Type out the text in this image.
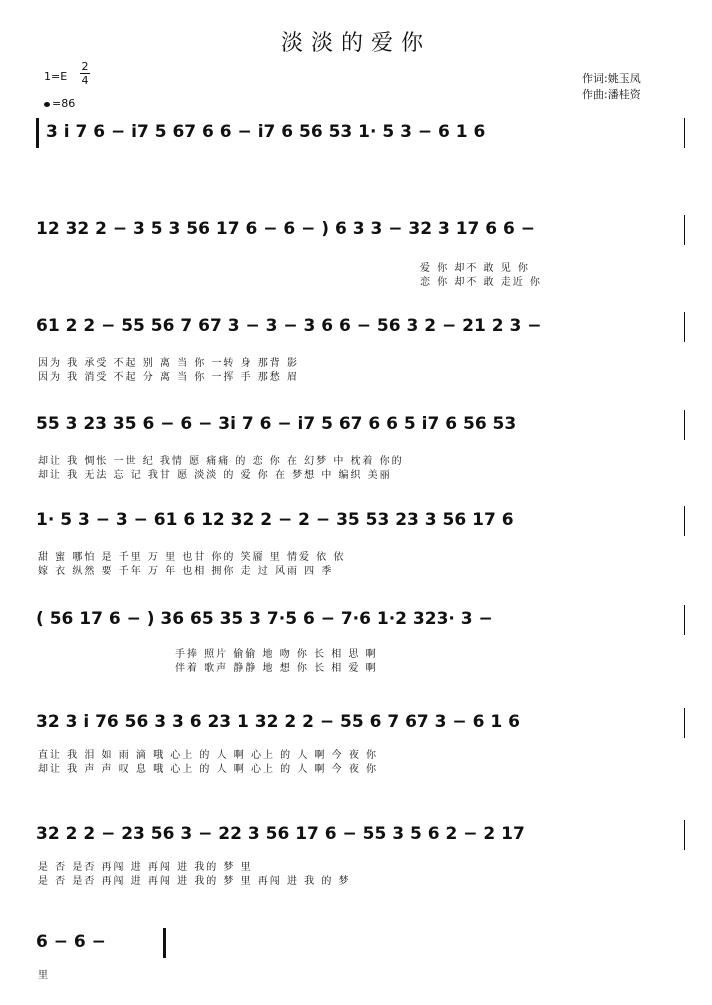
淡淡的爱你
1=E
2
4
=86
作词:姚玉凤
作曲:潘桂资
3 i 7 6 − i7 5 67 6 6 − i7 6 56 53 1· 5 3 − 6 1 6
12 32 2 − 3 5 3 56 17 6 − 6 − ) 6 3 3 − 32 3 17 6 6 −
爱 你 却不 敢 见 你
恋 你 却不 敢 走近 你
61 2 2 − 55 56 7 67 3 − 3 − 3 6 6 − 56 3 2 − 21 2 3 −
因为 我 承受 不起 别 离 当 你 一转 身 那背 影
因为 我 消受 不起 分 离 当 你 一挥 手 那愁 眉
55 3 23 35 6 − 6 − 3i 7 6 − i7 5 67 6 6 5 i7 6 56 53
却让 我 惆怅 一世 纪 我情 愿 痛痛 的 恋 你 在 幻梦 中 枕着 你的
却让 我 无法 忘 记 我甘 愿 淡淡 的 爱 你 在 梦想 中 编织 美丽
1· 5 3 − 3 − 61 6 12 32 2 − 2 − 35 53 23 3 56 17 6
甜 蜜 哪怕 是 千里 万 里 也甘 你的 笑靥 里 情爱 依 依
嫁 衣 纵然 要 千年 万 年 也相 拥你 走 过 风雨 四 季
( 56 17 6 − ) 36 65 35 3 7·5 6 − 7·6 1·2 323· 3 −
手捧 照片 偷偷 地 吻 你 长 相 思 啊
伴着 歌声 静静 地 想 你 长 相 爱 啊
32 3 i 76 56 3 3 6 23 1 32 2 2 − 55 6 7 67 3 − 6 1 6
直让 我 泪 如 雨 滴 哦 心上 的 人 啊 心上 的 人 啊 今 夜 你
却让 我 声 声 叹 息 哦 心上 的 人 啊 心上 的 人 啊 今 夜 你
32 2 2 − 23 56 3 − 22 3 56 17 6 − 55 3 5 6 2 − 2 17
是 否 是否 再闯 进 再闯 进 我的 梦 里
是 否 是否 再闯 进 再闯 进 我的 梦 里 再闯 进 我 的 梦
6 − 6 −
里
